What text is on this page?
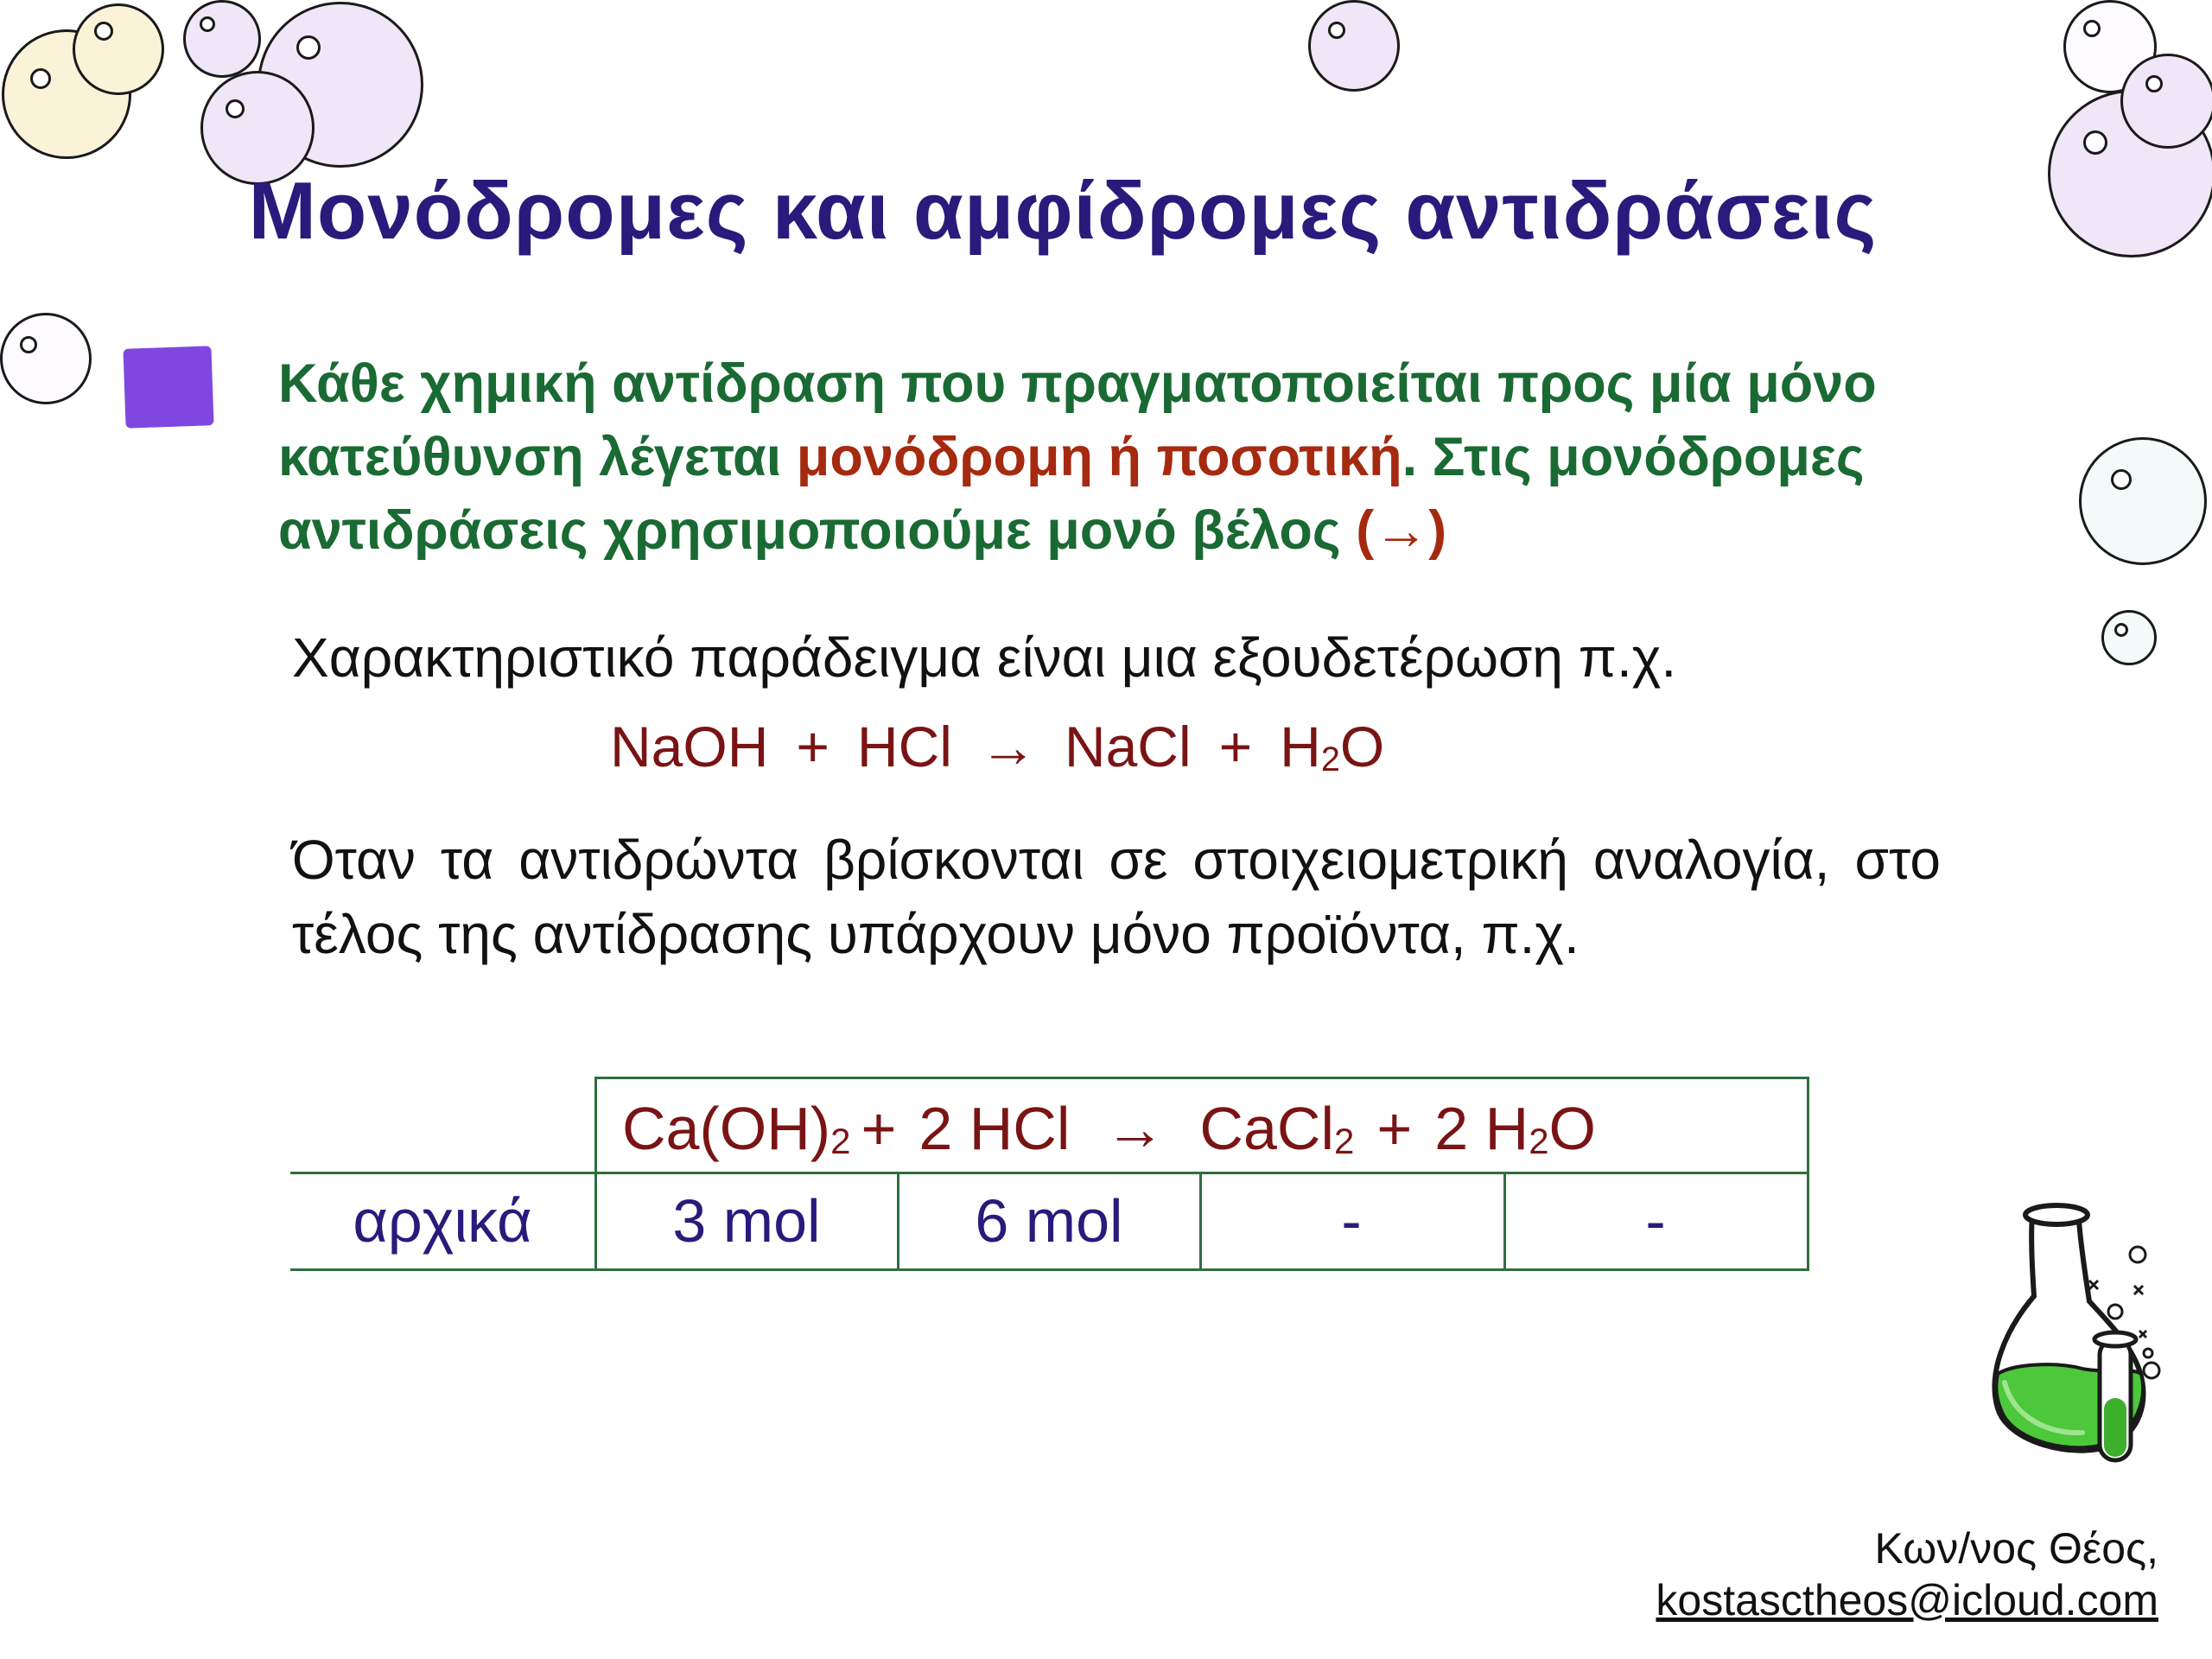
Μονόδρομες και αμφίδρομες αντιδράσεις
Κάθε χημική αντίδραση που πραγματοποιείται προς μία μόνο κατεύθυνση λέγεται μονόδρομη ή ποσοτική. Στις μονόδρομες αντιδράσεις χρησιμοποιούμε μονό βέλος (→)
Χαρακτηριστικό παράδειγμα είναι μια εξουδετέρωση π.χ.
NaOH + HCl → NaCl + $H_2O$
Όταν τα αντιδρώντα βρίσκονται σε στοιχειομετρική αναλογία, στο τέλος της αντίδρασης υπάρχουν μόνο προϊόντα, π.χ.
$Ca(OH)_2 + 2$ HCl → CaCl$_2$ + 2 $H_2O$
αρχικά	3 mol	6 mol	-	-
Κων/νος Θέος,
kostasctheos@icloud.com
